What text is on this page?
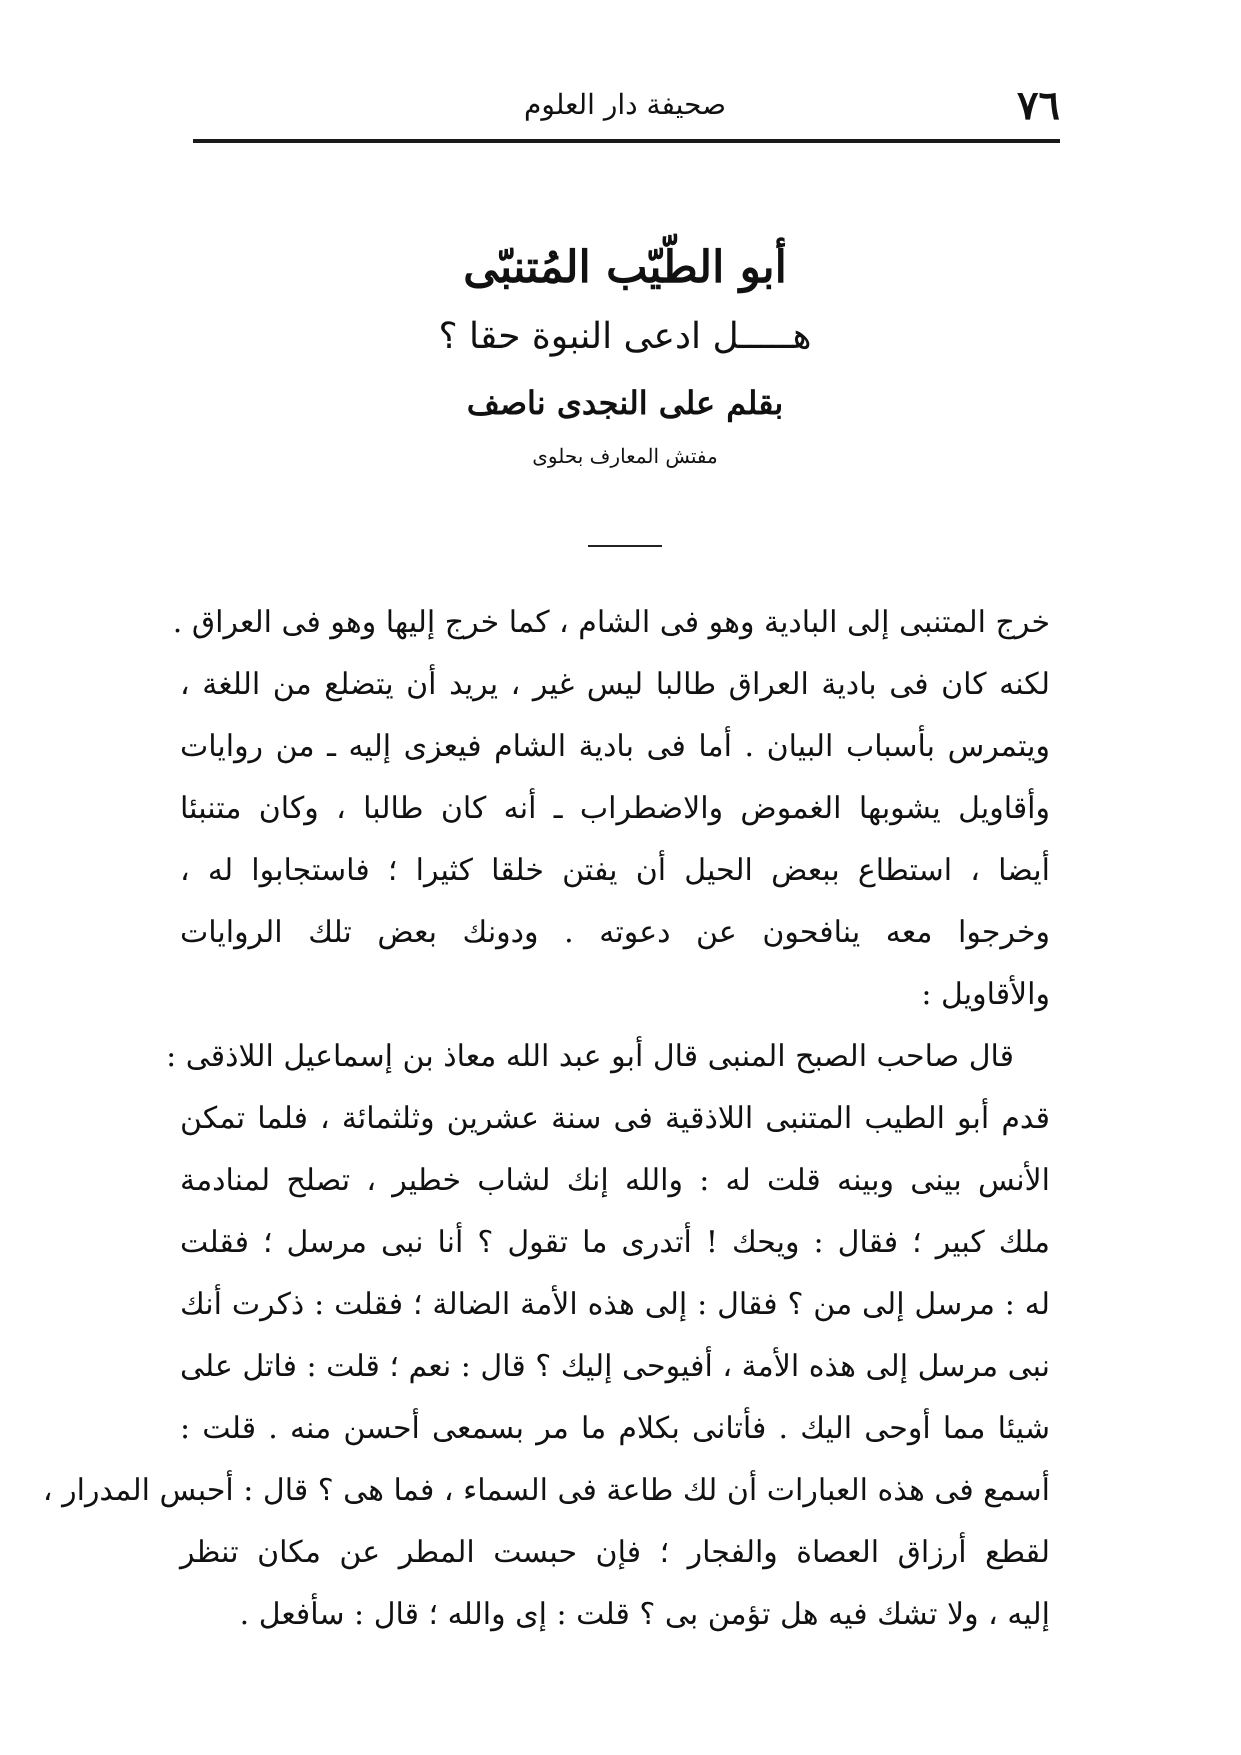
٧٦
صحيفة دار العلوم
أبو الطّيّب المُتنبّى
هـــــل ادعى النبوة حقا ؟
بقلم على النجدى ناصف
مفتش المعارف بحلوى
خرج المتنبى إلى البادية وهو فى الشام ، كما خرج إليها وهو فى العراق .
لكنه كان فى بادية العراق طالبا ليس غير ، يريد أن يتضلع من اللغة ،
ويتمرس بأسباب البيان . أما فى بادية الشام فيعزى إليه ـ من روايات
وأقاويل يشوبها الغموض والاضطراب ـ أنه كان طالبا ، وكان متنبئا
أيضا ، استطاع ببعض الحيل أن يفتن خلقا كثيرا ؛ فاستجابوا له ،
وخرجوا معه ينافحون عن دعوته . ودونك بعض تلك الروايات
والأقاويل :
قال صاحب الصبح المنبى قال أبو عبد الله معاذ بن إسماعيل اللاذقى :
قدم أبو الطيب المتنبى اللاذقية فى سنة عشرين وثلثمائة ، فلما تمكن
الأنس بينى وبينه قلت له : والله إنك لشاب خطير ، تصلح لمنادمة
ملك كبير ؛ فقال : ويحك ! أتدرى ما تقول ؟ أنا نبى مرسل ؛ فقلت
له : مرسل إلى من ؟ فقال : إلى هذه الأمة الضالة ؛ فقلت : ذكرت أنك
نبى مرسل إلى هذه الأمة ، أفيوحى إليك ؟ قال : نعم ؛ قلت : فاتل على
شيئا مما أوحى اليك . فأتانى بكلام ما مر بسمعى أحسن منه . قلت :
أسمع فى هذه العبارات أن لك طاعة فى السماء ، فما هى ؟ قال : أحبس المدرار ،
لقطع أرزاق العصاة والفجار ؛ فإن حبست المطر عن مكان تنظر
إليه ، ولا تشك فيه هل تؤمن بى ؟ قلت : إى والله ؛ قال : سأفعل .
